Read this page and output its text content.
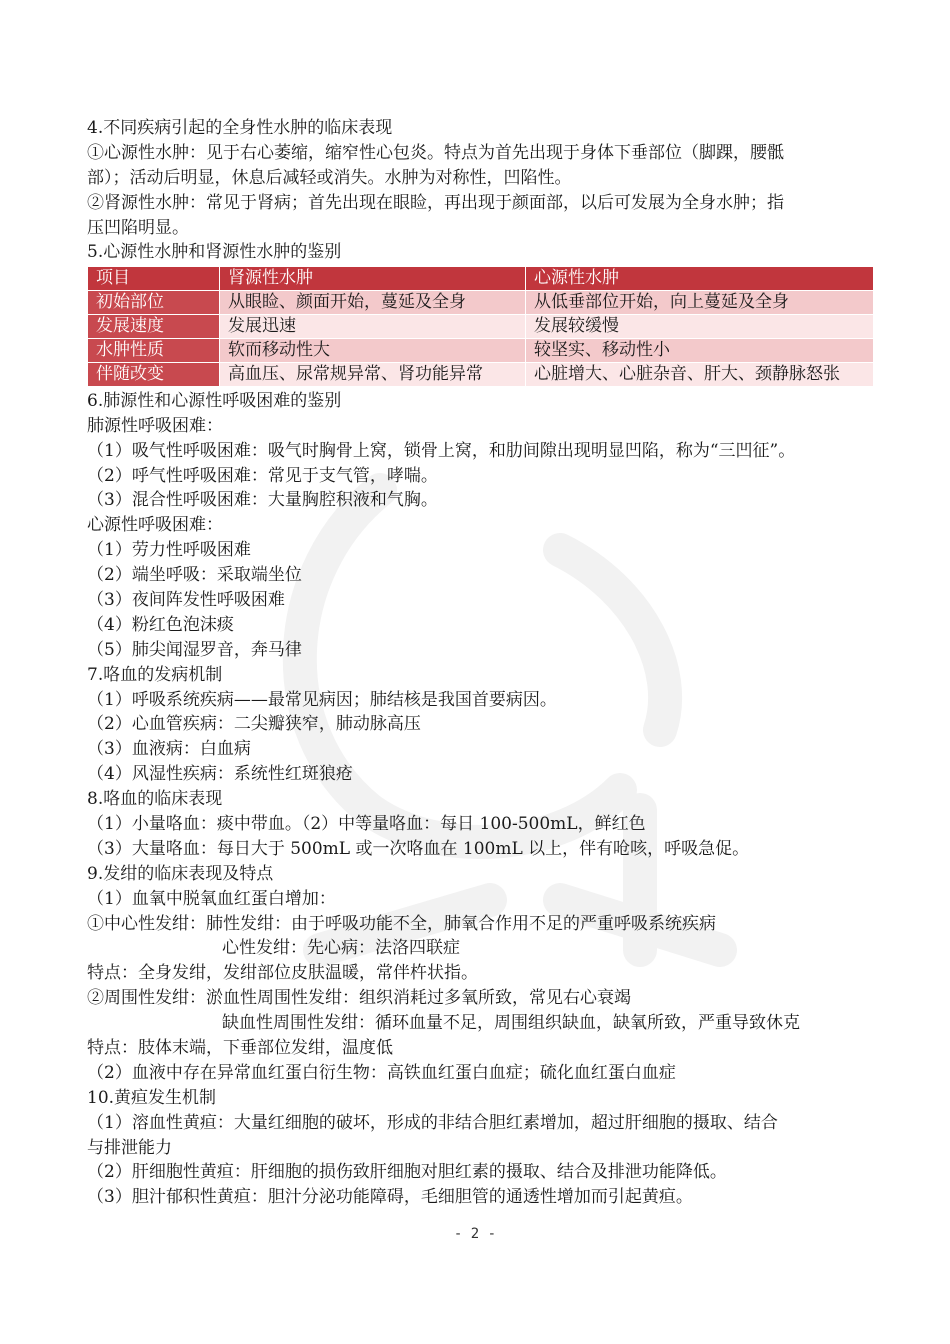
4.不同疾病引起的全身性水肿的临床表现
①心源性水肿：见于右心萎缩，缩窄性心包炎。特点为首先出现于身体下垂部位（脚踝，腰骶
部）；活动后明显，休息后减轻或消失。水肿为对称性，凹陷性。
②肾源性水肿：常见于肾病；首先出现在眼睑，再出现于颜面部，以后可发展为全身水肿；指
压凹陷明显。
5.心源性水肿和肾源性水肿的鉴别
项目	肾源性水肿	心源性水肿
初始部位	从眼睑、颜面开始，蔓延及全身	从低垂部位开始，向上蔓延及全身
发展速度	发展迅速	发展较缓慢
水肿性质	软而移动性大	较坚实、移动性小
伴随改变	高血压、尿常规异常、肾功能异常	心脏增大、心脏杂音、肝大、颈静脉怒张
6.肺源性和心源性呼吸困难的鉴别
肺源性呼吸困难：
（1）吸气性呼吸困难：吸气时胸骨上窝，锁骨上窝，和肋间隙出现明显凹陷，称为“三凹征”。
（2）呼气性呼吸困难：常见于支气管，哮喘。
（3）混合性呼吸困难：大量胸腔积液和气胸。
心源性呼吸困难：
（1）劳力性呼吸困难
（2）端坐呼吸：采取端坐位
（3）夜间阵发性呼吸困难
（4）粉红色泡沫痰
（5）肺尖闻湿罗音，奔马律
7.咯血的发病机制
（1）呼吸系统疾病——最常见病因；肺结核是我国首要病因。
（2）心血管疾病：二尖瓣狭窄，肺动脉高压
（3）血液病：白血病
（4）风湿性疾病：系统性红斑狼疮
8.咯血的临床表现
（1）小量咯血：痰中带血。（2）中等量咯血：每日 100-500mL，鲜红色
（3）大量咯血：每日大于 500mL 或一次咯血在 100mL 以上，伴有呛咳，呼吸急促。
9.发绀的临床表现及特点
（1）血氧中脱氧血红蛋白增加：
①中心性发绀：肺性发绀：由于呼吸功能不全，肺氧合作用不足的严重呼吸系统疾病
心性发绀：先心病：法洛四联症
特点：全身发绀，发绀部位皮肤温暖，常伴杵状指。
②周围性发绀：淤血性周围性发绀：组织消耗过多氧所致，常见右心衰竭
缺血性周围性发绀：循环血量不足，周围组织缺血，缺氧所致，严重导致休克
特点：肢体末端，下垂部位发绀，温度低
（2）血液中存在异常血红蛋白衍生物：高铁血红蛋白血症；硫化血红蛋白血症
10.黄疸发生机制
（1）溶血性黄疸：大量红细胞的破坏，形成的非结合胆红素增加，超过肝细胞的摄取、结合
与排泄能力
（2）肝细胞性黄疸：肝细胞的损伤致肝细胞对胆红素的摄取、结合及排泄功能降低。
（3）胆汁郁积性黄疸：胆汁分泌功能障碍，毛细胆管的通透性增加而引起黄疸。
- 2 -
